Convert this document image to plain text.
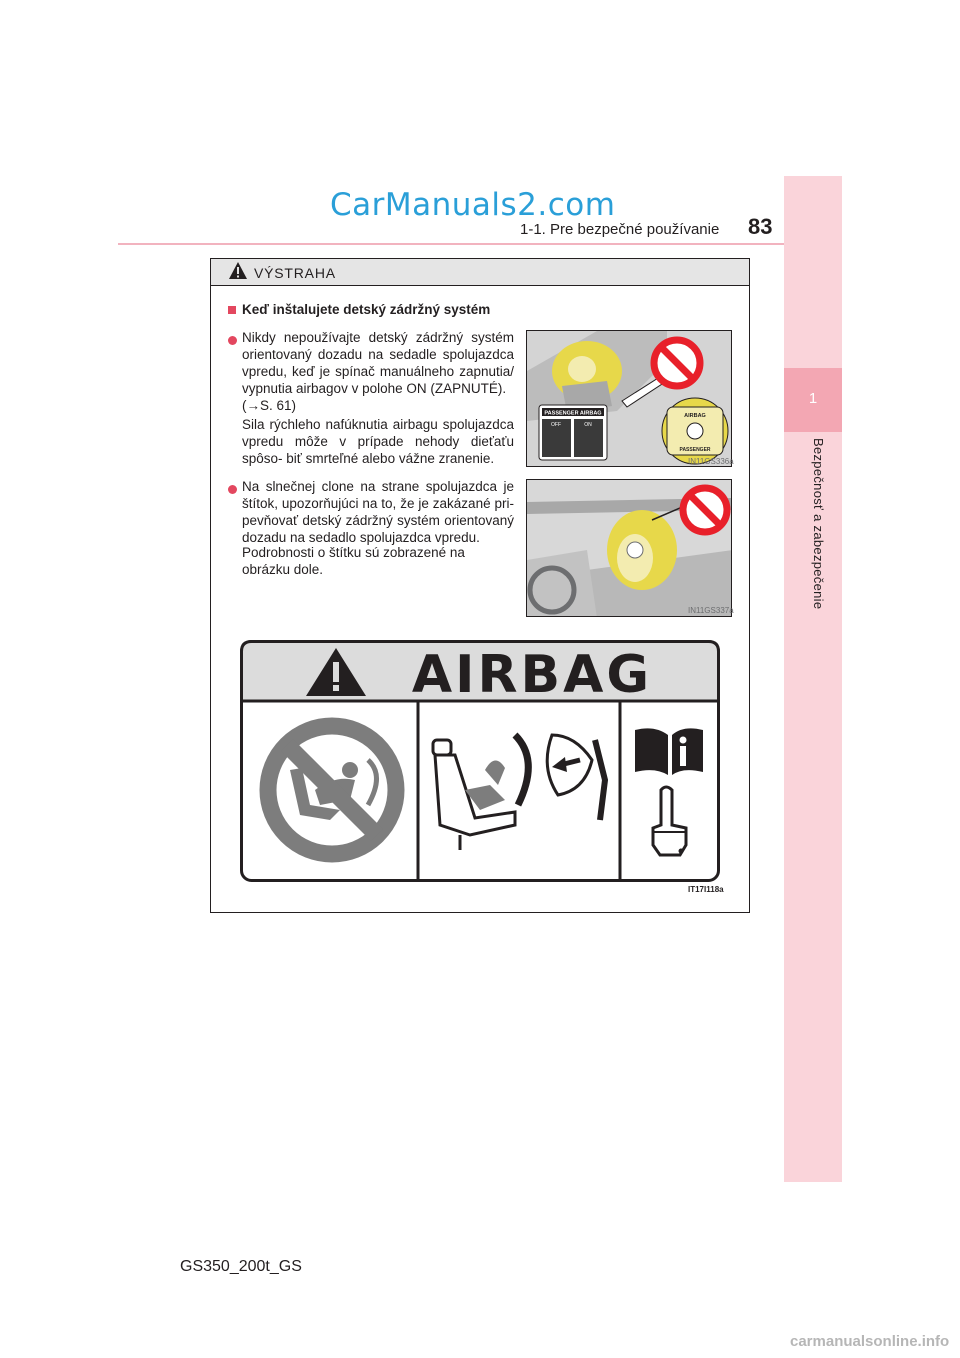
CarManuals2.com
1-1. Pre bezpečné používanie 83
1
Bezpečnosť a zabezpečenie
VÝSTRAHA
Keď inštalujete detský zádržný systém
Nikdy nepoužívajte detský zádržný systém orientovaný dozadu na sedadle spolujazdca vpredu, keď je spínač manuálneho zapnutia/ vypnutia airbagov v polohe ON (ZAPNUTÉ).
(→S. 61)
Sila rýchleho nafúknutia airbagu spolujazdca vpredu môže v prípade nehody dieťaťu spôso- biť smrteľné alebo vážne zranenie.
PASSENGER AIRBAG
OFF	ON
AIRBAG
PASSENGER
IN11GS336a
Na slnečnej clone na strane spolujazdca je štítok, upozorňujúci na to, že je zakázané pri- pevňovať detský zádržný systém orientovaný dozadu na sedadlo spolujazdca vpredu.
Podrobnosti o štítku sú zobrazené na obrázku dole.
IN11GS337a
AIRBAG
IT17I118a
GS350_200t_GS
carmanualsonline.info
